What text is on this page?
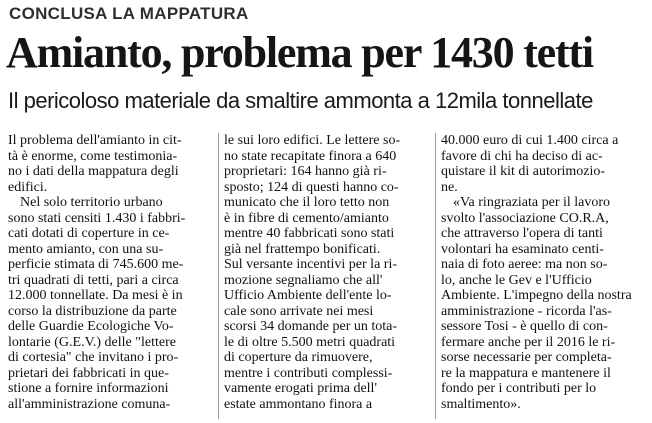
CONCLUSA LA MAPPATURA
Amianto, problema per 1430 tetti
Il pericoloso materiale da smaltire ammonta a 12mila tonnellate
Il problema dell'amianto in cit-
tà è enorme, come testimonia-
no i dati della mappatura degli
edifici.
Nel solo territorio urbano
sono stati censiti 1.430 i fabbri-
cati dotati di coperture in ce-
mento amianto, con una su-
perficie stimata di 745.600 me-
tri quadrati di tetti, pari a circa
12.000 tonnellate. Da mesi è in
corso la distribuzione da parte
delle Guardie Ecologiche Vo-
lontarie (G.E.V.) delle "lettere
di cortesia" che invitano i pro-
prietari dei fabbricati in que-
stione a fornire informazioni
all'amministrazione comuna-
le sui loro edifici. Le lettere so-
no state recapitate finora a 640
proprietari: 164 hanno già ri-
sposto; 124 di questi hanno co-
municato che il loro tetto non
è in fibre di cemento/amianto
mentre 40 fabbricati sono stati
già nel frattempo bonificati.
Sul versante incentivi per la ri-
mozione segnaliamo che all'
Ufficio Ambiente dell'ente lo-
cale sono arrivate nei mesi
scorsi 34 domande per un tota-
le di oltre 5.500 metri quadrati
di coperture da rimuovere,
mentre i contributi complessi-
vamente erogati prima dell'
estate ammontano finora a
40.000 euro di cui 1.400 circa a
favore di chi ha deciso di ac-
quistare il kit di autorimozio-
ne.
«Va ringraziata per il lavoro
svolto l'associazione CO.R.A,
che attraverso l'opera di tanti
volontari ha esaminato centi-
naia di foto aeree: ma non so-
lo, anche le Gev e l'Ufficio
Ambiente. L'impegno della nostra
amministrazione - ricorda l'as-
sessore Tosi - è quello di con-
fermare anche per il 2016 le ri-
sorse necessarie per completa-
re la mappatura e mantenere il
fondo per i contributi per lo
smaltimento».
